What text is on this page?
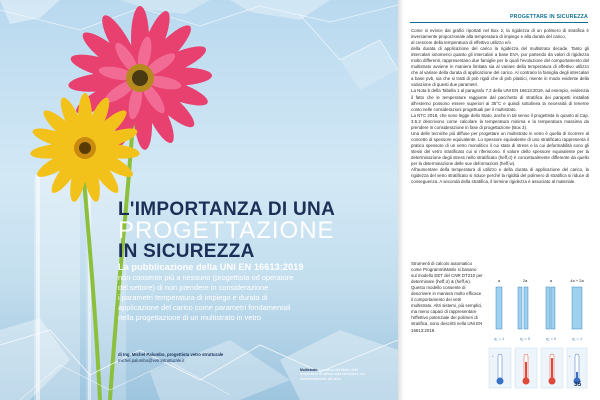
L'IMPORTANZA DI UNA
PROGETTAZIONE
IN SICUREZZA
La pubblicazione della UNI EN 16613:2019
non consente più a nessuno (progettista od operatore
del settore) di non prendere in considerazione
i parametri temperatura di impiego e durata di
applicazione del carico come parametri fondamentali
nella progettazione di un multistrato in vetro
di Ing. Michel Palumbo, progettista vetro strutturale
michel.palumbo@vetrostrutturale.it
Multistrato. La rottura dell'effetto delle temperature di utilizzo sulla sicurezza e sul dimensionamento del vetro
PROGETTARE IN SICUREZZA

Come si evince dai grafici riportati nel Box 2, la rigidezza di un polimero di stratifica è inversamente proporzionale alla temperatura di impiego e alla durata del carico,

al crescere della temperatura di effettivo utilizzo e/o

della durata di applicazione del carico la rigidezza del multistrato decade. Tanto gli intercalari ionomerici quanto gli intercalari a base EVA, pur partendo da valori di rigidezza molto differenti, rappresentano due famiglie per le quali l'evoluzione del comportamento del multistrato avviene in maniera limitata sia al variare della temperatura di effettivo utilizzo che al variare della durata di applicazione del carico. Al contrario la famiglia degli intercalari a base pvb, sia che si tratti di pvb rigidi che di pvb plastici, risente in modo evidente della variazione di questi due parametri.

La Nota b della Tabella 1 al paragrafo 7.2 della UNI EN 16613:2019, ad esempio, evidenzia il fatto che le temperature raggiunte dal pacchetto di stratifica dei parapetti installati all'esterno possono essere superiori ai 35°C e quindi sottolinea la necessità di tenerne conto nelle considerazioni progettuali per il multistrato.

La NTC 2018, che sono legge dello Stato, anche in tal senso il progettista in quanto al Cap. 3.5.2 descrivono come calcolare la temperatura minima e la temperatura massima da prendere in considerazione in fase di progettazione (Box 3).

Una delle tecniche più diffuse per progettare un multistrato in vetro è quella di ricorrere al concetto di spessore equivalente. Lo spessore equivalente di uno stratificato rappresenta il pratico spessore di un vetro monolitico il cui stato di stress e la cui deformabilità sono gli stessi del vetro stratificato cui si riferiscono. Il valore dello spessore equivalente per la determinazione degli stress nello stratificato (heff,σ) è concettualmente differente da quello per la determinazione delle sue deformazioni (heff,w).

All'aumentare della temperatura di utilizzo e della durata di applicazione del carico, la rigidezza del vetro stratificato si riduce perché la rigidità del polimero di stratifica si riduce di conseguenza. A seconda della stratifica, il termine rigidezza è associato al materiale.

Strumenti di calcolo automatico come ProgrammiMatrix si basano sul modello EET del CNR DT210 per determinare (heff,σ) & (heff,w). Questo modello consente di descrivere in maniera molto efficace il comportamento dei vetri multistrato. Altri sistemi, più semplici, ma meno capaci di rappresentare l'effettivo potenziale dei polimeri di stratifica, sono descritti nella UNI EN 16613:2019.

a	2a	a	4a + 2a
η₁ = 1	η₂ = 0	η₂ = 0	η₂ = 1
*	*
35
